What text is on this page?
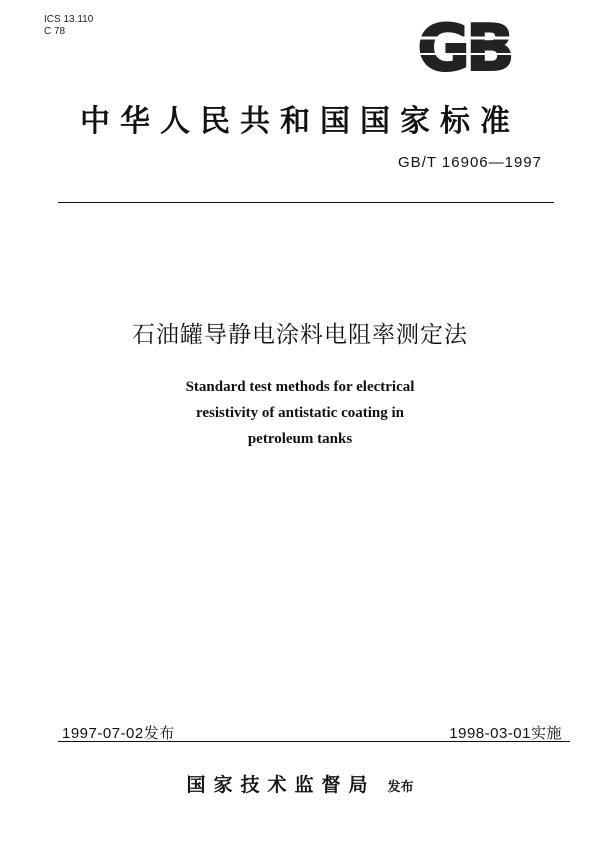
ICS 13.110
C 78	GB
中华人民共和国国家标准
GB/T 16906—1997
石油罐导静电涂料电阻率测定法
Standard test methods for electrical
resistivity of antistatic coating in
petroleum tanks
1997-07-02发布	1998-03-01实施
国家技术监督局 发布
